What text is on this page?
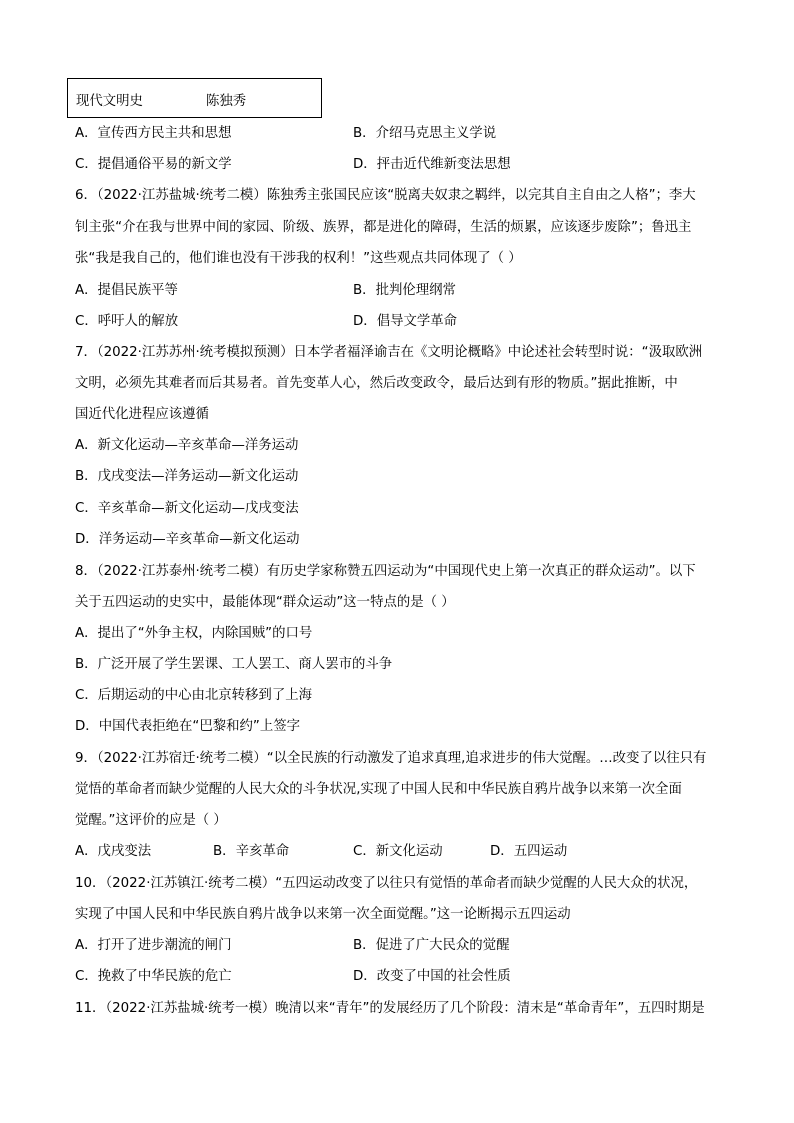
现代文明史	陈独秀
A．宣传西方民主共和思想	B．介绍马克思主义学说
C．提倡通俗平易的新文学	D．抨击近代维新变法思想
6．（2022·江苏盐城·统考二模）陈独秀主张国民应该“脱离夫奴隶之羁绊，以完其自主自由之人格”；李大
钊主张“介在我与世界中间的家园、阶级、族界，都是进化的障碍，生活的烦累，应该逐步废除”；鲁迅主
张“我是我自己的，他们谁也没有干涉我的权利！”这些观点共同体现了（ ）
A．提倡民族平等	B．批判伦理纲常
C．呼吁人的解放	D．倡导文学革命
7．（2022·江苏苏州·统考模拟预测）日本学者福泽谕吉在《文明论概略》中论述社会转型时说：“汲取欧洲
文明，必须先其难者而后其易者。首先变革人心，然后改变政令，最后达到有形的物质。”据此推断，中
国近代化进程应该遵循
A．新文化运动—辛亥革命—洋务运动
B．戊戌变法—洋务运动—新文化运动
C．辛亥革命—新文化运动—戊戌变法
D．洋务运动—辛亥革命—新文化运动
8．（2022·江苏泰州·统考二模）有历史学家称赞五四运动为“中国现代史上第一次真正的群众运动”。以下
关于五四运动的史实中，最能体现“群众运动”这一特点的是（ ）
A．提出了“外争主权，内除国贼”的口号
B．广泛开展了学生罢课、工人罢工、商人罢市的斗争
C．后期运动的中心由北京转移到了上海
D．中国代表拒绝在“巴黎和约”上签字
9．（2022·江苏宿迁·统考二模）“以全民族的行动激发了追求真理,追求进步的伟大觉醒。…改变了以往只有
觉悟的革命者而缺少觉醒的人民大众的斗争状况,实现了中国人民和中华民族自鸦片战争以来第一次全面
觉醒。”这评价的应是（ ）
A．戊戌变法	B．辛亥革命	C．新文化运动	D．五四运动
10．（2022·江苏镇江·统考二模）“五四运动改变了以往只有觉悟的革命者而缺少觉醒的人民大众的状况，
实现了中国人民和中华民族自鸦片战争以来第一次全面觉醒。”这一论断揭示五四运动
A．打开了进步潮流的闸门	B．促进了广大民众的觉醒
C．挽救了中华民族的危亡	D．改变了中国的社会性质
11．（2022·江苏盐城·统考一模）晚清以来“青年”的发展经历了几个阶段：清末是“革命青年”，五四时期是
